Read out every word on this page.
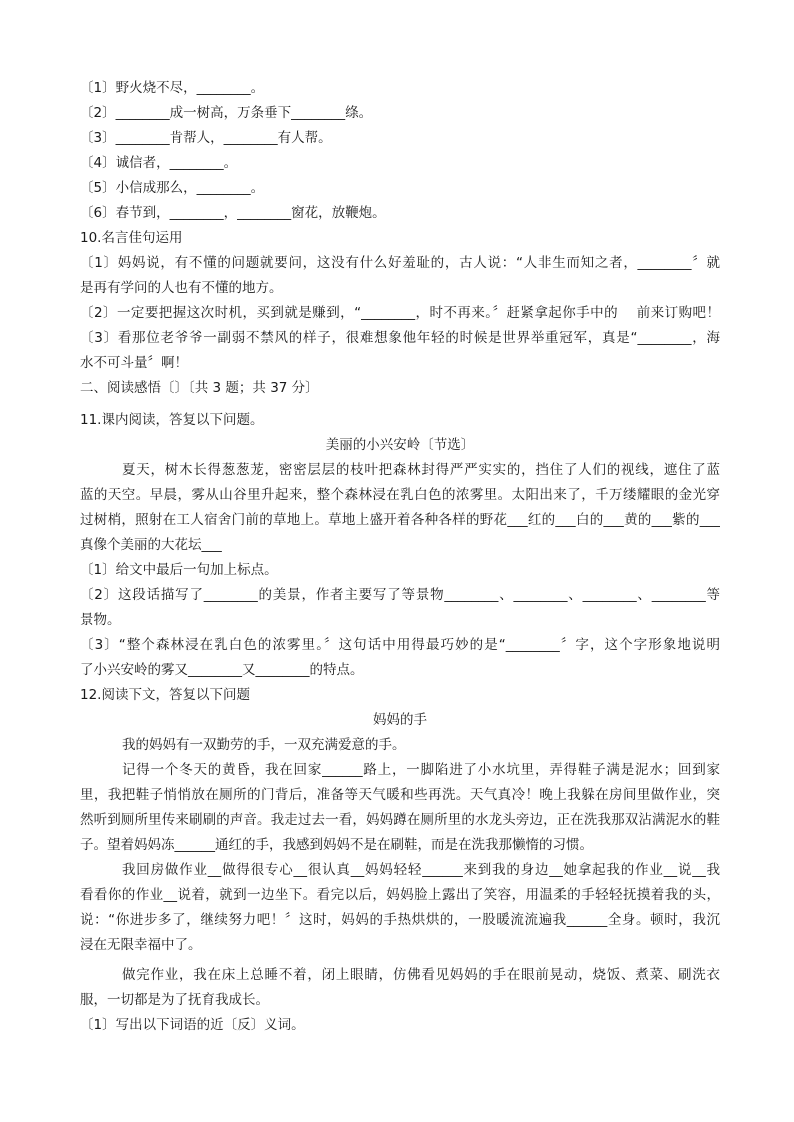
〔1〕野火烧不尽，________。
〔2〕________成一树高，万条垂下________绦。
〔3〕________肯帮人，________有人帮。
〔4〕诚信者，________。
〔5〕小信成那么，________。
〔6〕春节到，________，________窗花，放鞭炮。
10.名言佳句运用
〔1〕妈妈说，有不懂的问题就要问，这没有什么好羞耻的，古人说：“人非生而知之者，________〞就
是再有学问的人也有不懂的地方。
〔2〕一定要把握这次时机，买到就是赚到，“________，时不再来。〞赶紧拿起你手中的　 前来订购吧！
〔3〕看那位老爷爷一副弱不禁风的样子，很难想象他年轻的时候是世界举重冠军，真是“________，海
水不可斗量〞啊！
二、阅读感悟〔〕〔共 3 题；共 37 分〕
11.课内阅读，答复以下问题。
美丽的小兴安岭〔节选〕
夏天，树木长得葱葱茏，密密层层的枝叶把森林封得严严实实的，挡住了人们的视线，遮住了蓝
蓝的天空。早晨，雾从山谷里升起来，整个森林浸在乳白色的浓雾里。太阳出来了，千万缕耀眼的金光穿
过树梢，照射在工人宿舍门前的草地上。草地上盛开着各种各样的野花___红的___白的___黄的___紫的___
真像个美丽的大花坛___
〔1〕给文中最后一句加上标点。
〔2〕这段话描写了________的美景，作者主要写了等景物________、________、________、________等
景物。
〔3〕“整个森林浸在乳白色的浓雾里。〞这句话中用得最巧妙的是“________〞字，这个字形象地说明
了小兴安岭的雾又________又________的特点。
12.阅读下文，答复以下问题
妈妈的手
我的妈妈有一双勤劳的手，一双充满爱意的手。
记得一个冬天的黄昏，我在回家______路上，一脚陷进了小水坑里，弄得鞋子满是泥水；回到家
里，我把鞋子悄悄放在厕所的门背后，准备等天气暖和些再洗。天气真冷！晚上我躲在房间里做作业，突
然听到厕所里传来刷刷的声音。我走过去一看，妈妈蹲在厕所里的水龙头旁边，正在洗我那双沾满泥水的鞋
子。望着妈妈冻______通红的手，我感到妈妈不是在刷鞋，而是在洗我那懒惰的习惯。
我回房做作业__做得很专心__很认真__妈妈轻轻______来到我的身边__她拿起我的作业__说__我
看看你的作业__说着，就到一边坐下。看完以后，妈妈脸上露出了笑容，用温柔的手轻轻抚摸着我的头，
说：“你进步多了，继续努力吧！〞这时，妈妈的手热烘烘的，一股暖流流遍我______全身。顿时，我沉
浸在无限幸福中了。
做完作业，我在床上总睡不着，闭上眼睛，仿佛看见妈妈的手在眼前晃动，烧饭、煮菜、刷洗衣
服，一切都是为了抚育我成长。
〔1〕写出以下词语的近〔反〕义词。
